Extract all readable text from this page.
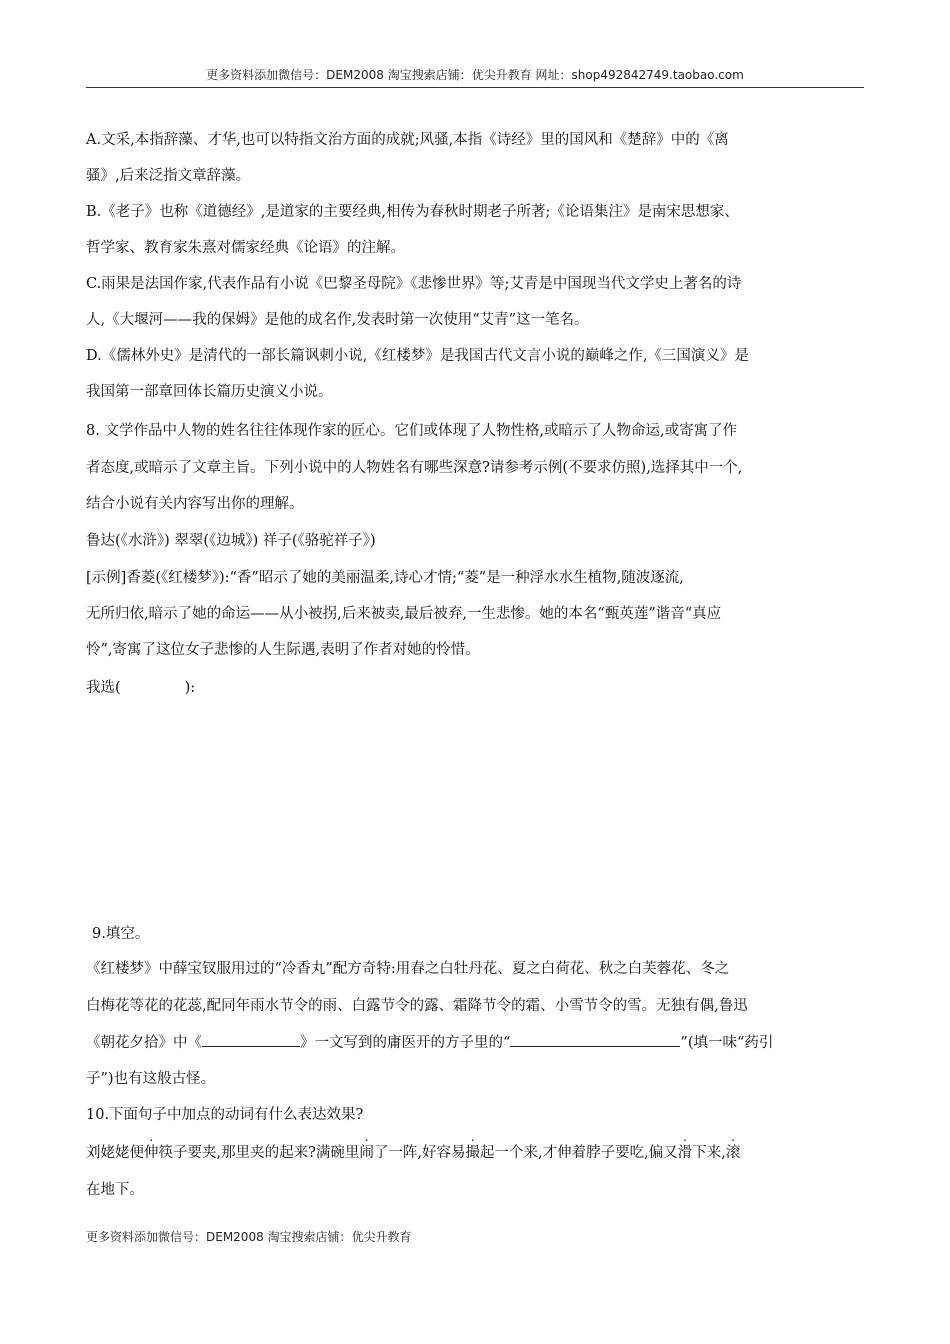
更多资料添加微信号：DEM2008 淘宝搜索店铺：优尖升教育 网址：shop492842749.taobao.com
A.文采,本指辞藻、才华,也可以特指文治方面的成就;风骚,本指《诗经》里的国风和《楚辞》中的《离
骚》,后来泛指文章辞藻。
B.《老子》也称《道德经》,是道家的主要经典,相传为春秋时期老子所著;《论语集注》是南宋思想家、
哲学家、教育家朱熹对儒家经典《论语》的注解。
C.雨果是法国作家,代表作品有小说《巴黎圣母院》《悲惨世界》等;艾青是中国现当代文学史上著名的诗
人,《大堰河——我的保姆》是他的成名作,发表时第一次使用“艾青”这一笔名。
D.《儒林外史》是清代的一部长篇讽刺小说,《红楼梦》是我国古代文言小说的巅峰之作,《三国演义》是
我国第一部章回体长篇历史演义小说。
8. 文学作品中人物的姓名往往体现作家的匠心。它们或体现了人物性格,或暗示了人物命运,或寄寓了作
者态度,或暗示了文章主旨。下列小说中的人物姓名有哪些深意?请参考示例(不要求仿照),选择其中一个,
结合小说有关内容写出你的理解。
鲁达(《水浒》) 翠翠(《边城》) 祥子(《骆驼祥子》)
[示例]香菱(《红楼梦》):“香”昭示了她的美丽温柔,诗心才情;“菱”是一种浮水水生植物,随波逐流,
无所归依,暗示了她的命运——从小被拐,后来被卖,最后被弃,一生悲惨。她的本名“甄英莲”谐音“真应
怜”,寄寓了这位女子悲惨的人生际遇,表明了作者对她的怜惜。
我选(	):
9.填空。
《红楼梦》中薛宝钗服用过的“冷香丸”配方奇特:用春之白牡丹花、夏之白荷花、秋之白芙蓉花、冬之
白梅花等花的花蕊,配同年雨水节令的雨、白露节令的露、霜降节令的霜、小雪节令的雪。无独有偶,鲁迅
《朝花夕拾》中《	》一文写到的庸医开的方子里的“	”(填一味“药引
子”)也有这般古怪。
10.下面句子中加点的动词有什么表达效果?
刘姥姥便伸筷子要夹,那里夹的起来?满碗里闹了一阵,好容易撮起一个来,才伸着脖子要吃,偏又滑下来,滚
在地下。
更多资料添加微信号：DEM2008 淘宝搜索店铺：优尖升教育
